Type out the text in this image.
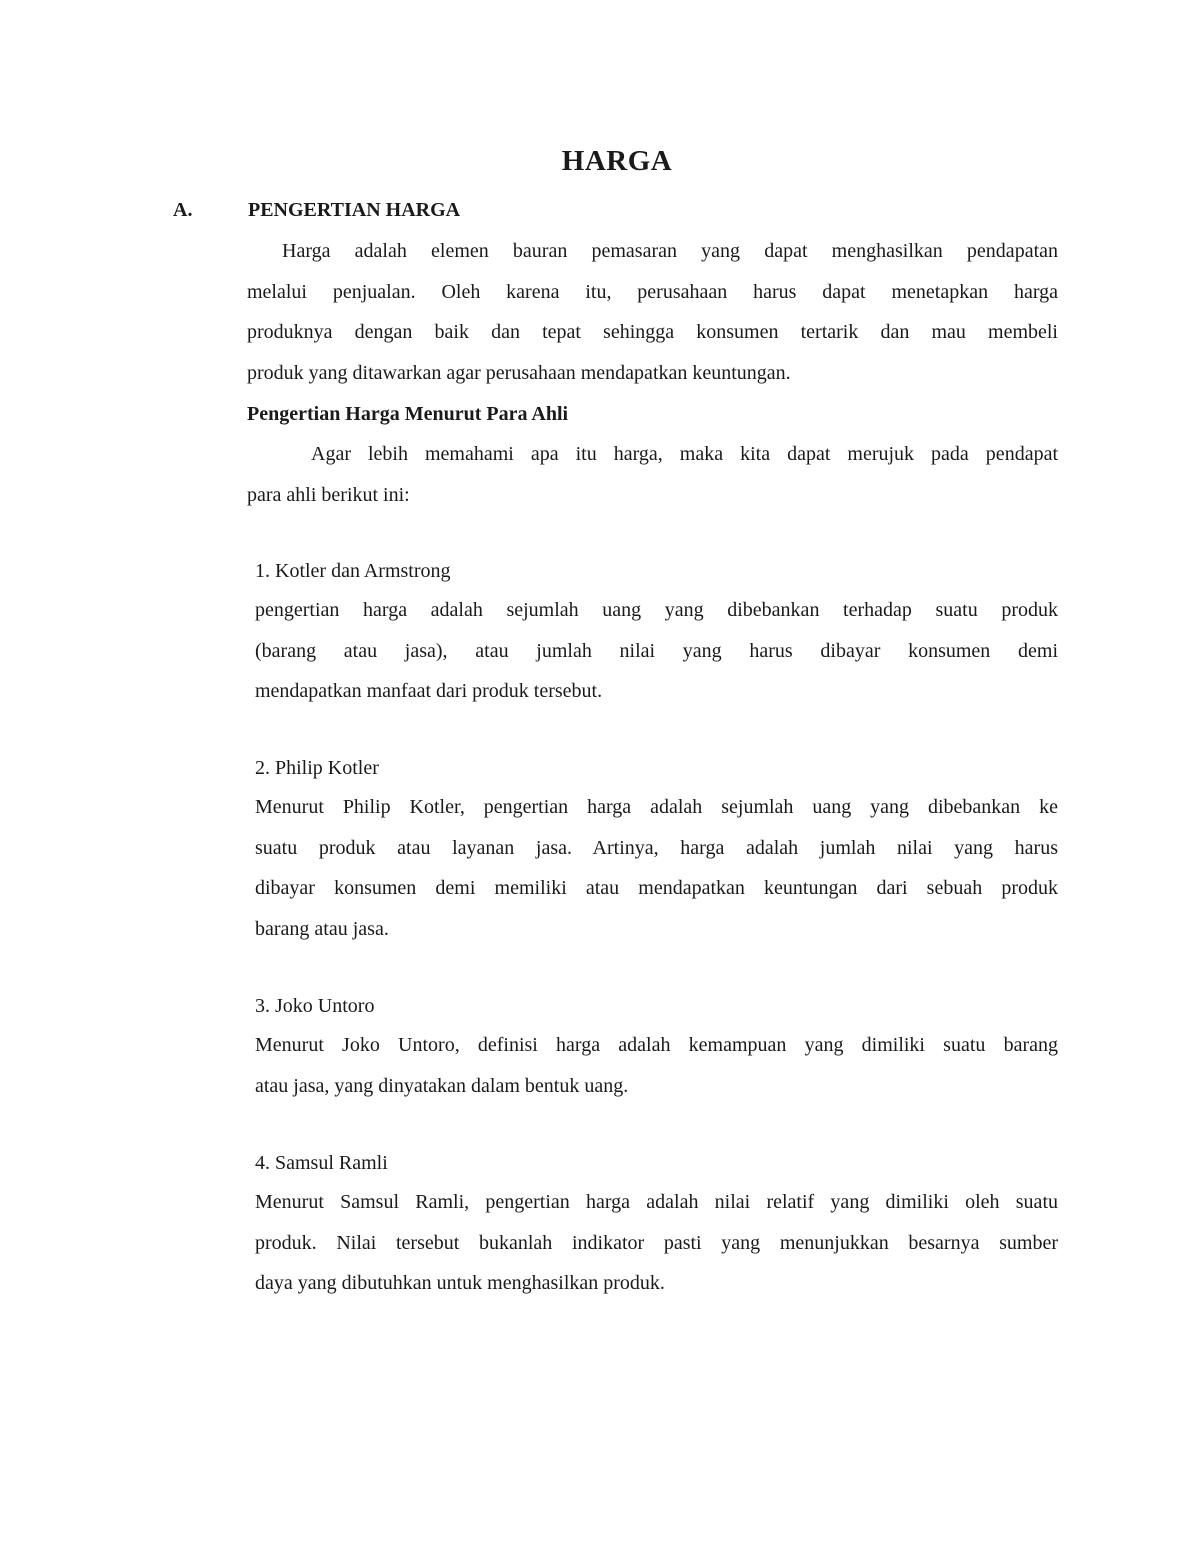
HARGA
A.	PENGERTIAN HARGA
Harga adalah elemen bauran pemasaran yang dapat menghasilkan pendapatan
melalui penjualan. Oleh karena itu, perusahaan harus dapat menetapkan harga
produknya dengan baik dan tepat sehingga konsumen tertarik dan mau membeli
produk yang ditawarkan agar perusahaan mendapatkan keuntungan.
Pengertian Harga Menurut Para Ahli
Agar lebih memahami apa itu harga, maka kita dapat merujuk pada pendapat
para ahli berikut ini:
1. Kotler dan Armstrong
pengertian harga adalah sejumlah uang yang dibebankan terhadap suatu produk
(barang atau jasa), atau jumlah nilai yang harus dibayar konsumen demi
mendapatkan manfaat dari produk tersebut.
2. Philip Kotler
Menurut Philip Kotler, pengertian harga adalah sejumlah uang yang dibebankan ke
suatu produk atau layanan jasa. Artinya, harga adalah jumlah nilai yang harus
dibayar konsumen demi memiliki atau mendapatkan keuntungan dari sebuah produk
barang atau jasa.
3. Joko Untoro
Menurut Joko Untoro, definisi harga adalah kemampuan yang dimiliki suatu barang
atau jasa, yang dinyatakan dalam bentuk uang.
4. Samsul Ramli
Menurut Samsul Ramli, pengertian harga adalah nilai relatif yang dimiliki oleh suatu
produk. Nilai tersebut bukanlah indikator pasti yang menunjukkan besarnya sumber
daya yang dibutuhkan untuk menghasilkan produk.
